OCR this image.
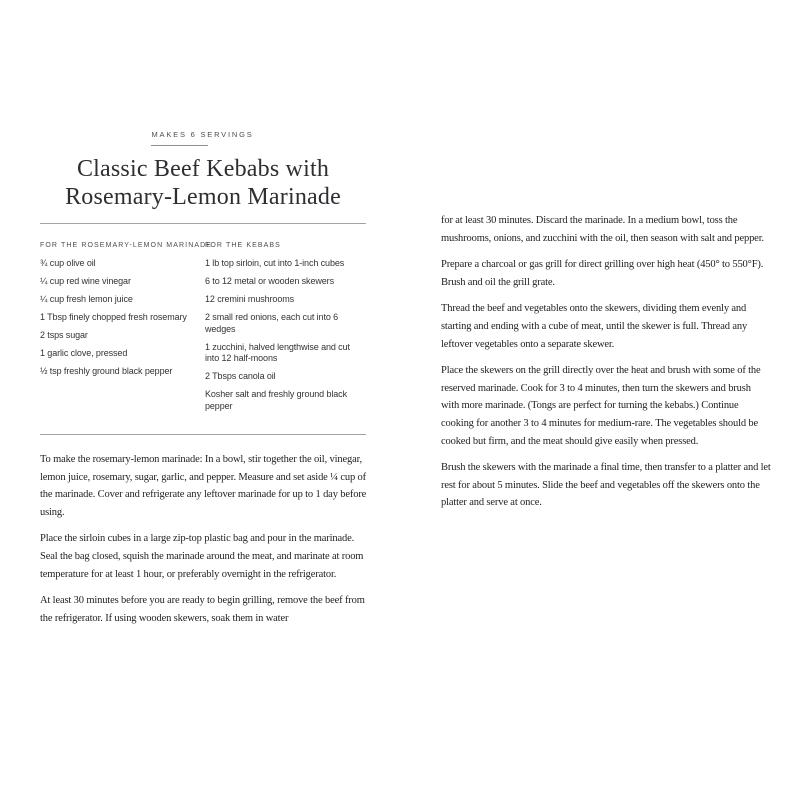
MAKES 6 SERVINGS
Classic Beef Kebabs with
Rosemary-Lemon Marinade
FOR THE ROSEMARY-LEMON MARINADE
¾ cup olive oil
¼ cup red wine vinegar
¼ cup fresh lemon juice
1 Tbsp finely chopped fresh rosemary
2 tsps sugar
1 garlic clove, pressed
½ tsp freshly ground black pepper
FOR THE KEBABS
1 lb top sirloin, cut into 1-inch cubes
6 to 12 metal or wooden skewers
12 cremini mushrooms
2 small red onions, each cut into 6 wedges
1 zucchini, halved lengthwise and cut into 12 half-moons
2 Tbsps canola oil
Kosher salt and freshly ground black pepper

To make the rosemary-lemon marinade: In a bowl, stir together the oil, vinegar, lemon juice, rosemary, sugar, garlic, and pepper. Measure and set aside ¼ cup of the marinade. Cover and refrigerate any leftover marinade for up to 1 day before using.

Place the sirloin cubes in a large zip-top plastic bag and pour in the marinade. Seal the bag closed, squish the marinade around the meat, and marinate at room temperature for at least 1 hour, or preferably overnight in the refrigerator.

At least 30 minutes before you are ready to begin grilling, remove the beef from the refrigerator. If using wooden skewers, soak them in water

for at least 30 minutes. Discard the marinade. In a medium bowl, toss the mushrooms, onions, and zucchini with the oil, then season with salt and pepper.

Prepare a charcoal or gas grill for direct grilling over high heat (450° to 550°F). Brush and oil the grill grate.

Thread the beef and vegetables onto the skewers, dividing them evenly and starting and ending with a cube of meat, until the skewer is full. Thread any leftover vegetables onto a separate skewer.

Place the skewers on the grill directly over the heat and brush with some of the reserved marinade. Cook for 3 to 4 minutes, then turn the skewers and brush with more marinade. (Tongs are perfect for turning the kebabs.) Continue cooking for another 3 to 4 minutes for medium-rare. The vegetables should be cooked but firm, and the meat should give easily when pressed.

Brush the skewers with the marinade a final time, then transfer to a platter and let rest for about 5 minutes. Slide the beef and vegetables off the skewers onto the platter and serve at once.
